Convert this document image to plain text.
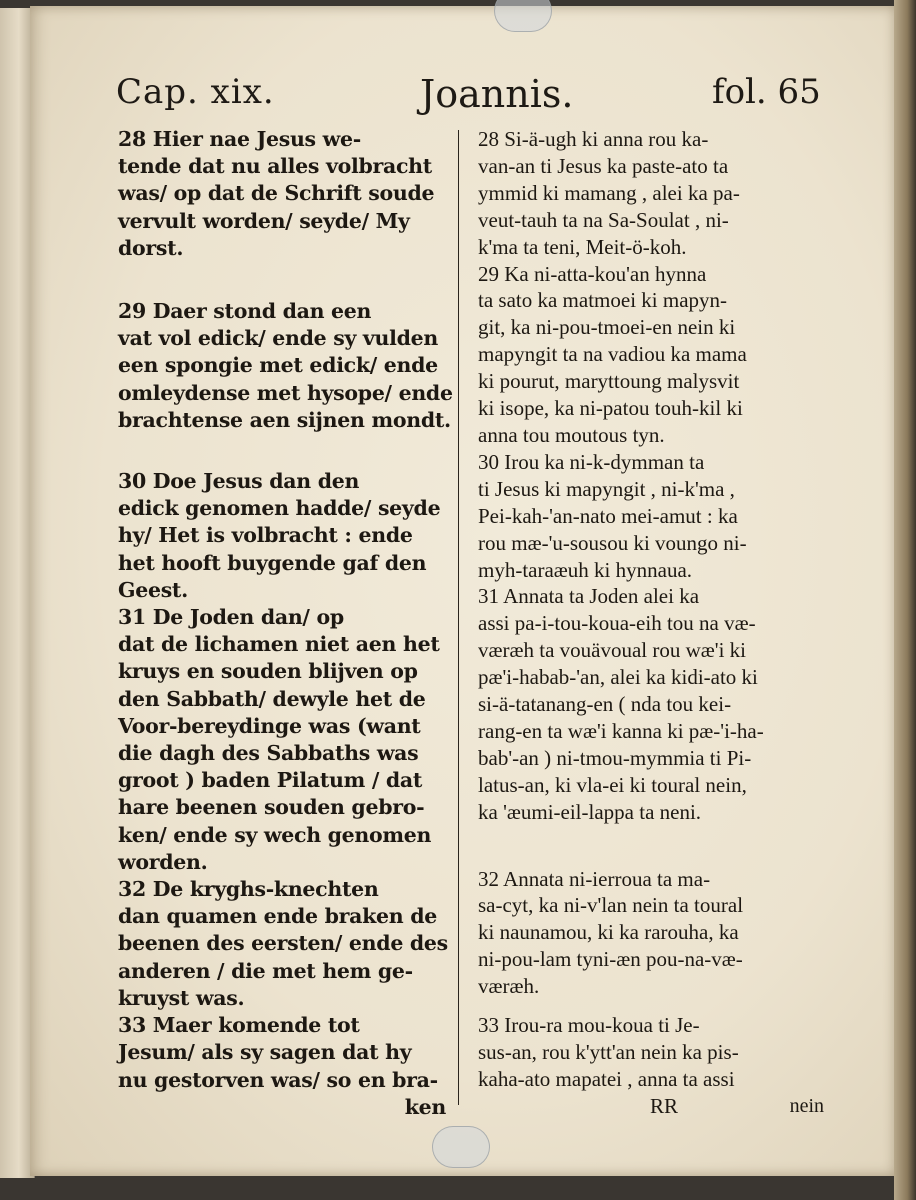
Cap. xix.	Joannis.	fol. 65
28 Hier nae Jesus we-
tende dat nu alles volbracht
was/ op dat de Schrift soude
vervult worden/ seyde/ My
dorst.
29 Daer stond dan een
vat vol edick/ ende sy vulden
een spongie met edick/ ende
omleydense met hysope/ ende
brachtense aen sijnen mondt.
30 Doe Jesus dan den
edick genomen hadde/ seyde
hy/ Het is volbracht : ende
het hooft buygende gaf den
Geest.
31 De Joden dan/ op
dat de lichamen niet aen het
kruys en souden blijven op
den Sabbath/ dewyle het de
Voor-bereydinge was (want
die dagh des Sabbaths was
groot ) baden Pilatum / dat
hare beenen souden gebro-
ken/ ende sy wech genomen
worden.
32 De kryghs-knechten
dan quamen ende braken de
beenen des eersten/ ende des
anderen / die met hem ge-
kruyst was.
33 Maer komende tot
Jesum/ als sy sagen dat hy
nu gestorven was/ so en bra-
ken
28 Si-ä-ugh ki anna rou ka-
van-an ti Jesus ka paste-ato ta
ymmid ki mamang , alei ka pa-
veut-tauh ta na Sa-Soulat , ni-
k'ma ta teni, Meit-ö-koh.
29 Ka ni-atta-kou'an hynna
ta sato ka matmoei ki mapyn-
git, ka ni-pou-tmoei-en nein ki
mapyngit ta na vadiou ka mama
ki pourut, maryttoung malysvit
ki isope, ka ni-patou touh-kil ki
anna tou moutous tyn.
30 Irou ka ni-k-dymman ta
ti Jesus ki mapyngit , ni-k'ma ,
Pei-kah-'an-nato mei-amut : ka
rou mæ-'u-sousou ki voungo ni-
myh-taraæuh ki hynnaua.
31 Annata ta Joden alei ka
assi pa-i-tou-koua-eih tou na væ-
væræh ta vouävoual rou wæ'i ki
pæ'i-habab-'an, alei ka kidi-ato ki
si-ä-tatanang-en ( nda tou kei-
rang-en ta wæ'i kanna ki pæ-'i-ha-
bab'-an ) ni-tmou-mymmia ti Pi-
latus-an, ki vla-ei ki toural nein,
ka 'æumi-eil-lappa ta neni.
32 Annata ni-ierroua ta ma-
sa-cyt, ka ni-v'lan nein ta toural
ki naunamou, ki ka rarouha, ka
ni-pou-lam tyni-æn pou-na-væ-
væræh.
33 Irou-ra mou-koua ti Je-
sus-an, rou k'ytt'an nein ka pis-
kaha-ato mapatei , anna ta assi
RR	nein
